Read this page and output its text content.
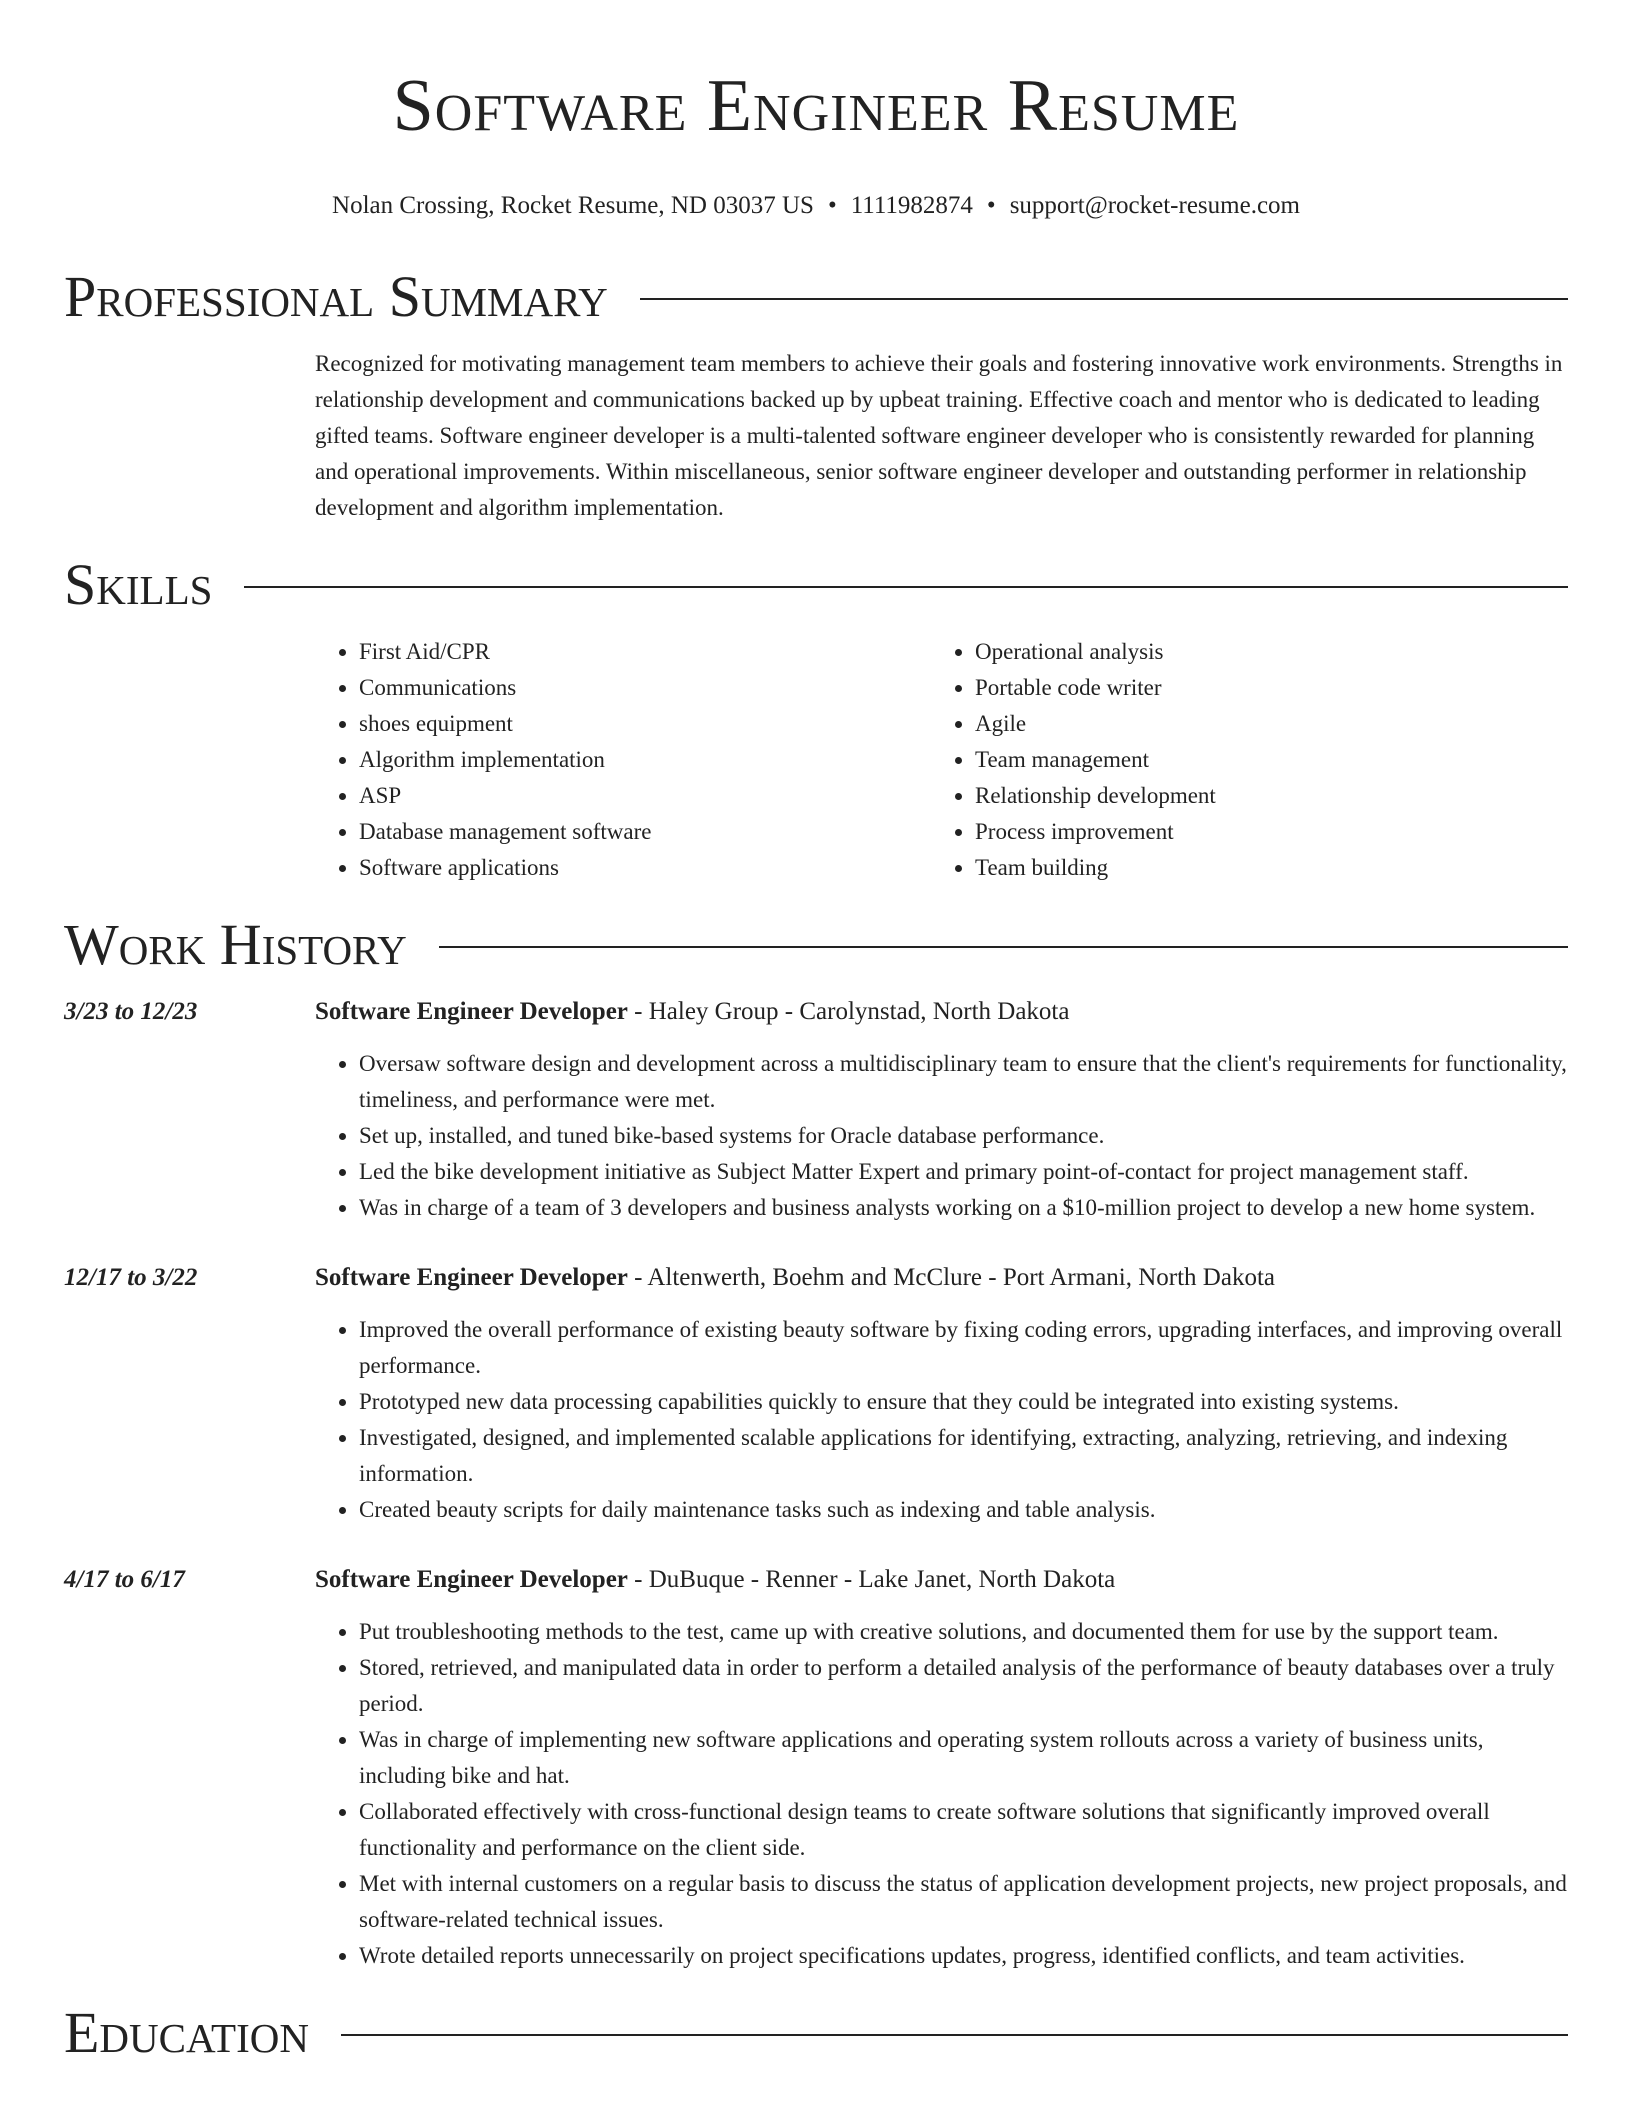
Software Engineer Resume
Nolan Crossing, Rocket Resume, ND 03037 US • 1111982874 • support@rocket-resume.com
Professional Summary
Recognized for motivating management team members to achieve their goals and fostering innovative work environments. Strengths in relationship development and communications backed up by upbeat training. Effective coach and mentor who is dedicated to leading gifted teams. Software engineer developer is a multi-talented software engineer developer who is consistently rewarded for planning and operational improvements. Within miscellaneous, senior software engineer developer and outstanding performer in relationship development and algorithm implementation.
Skills
• First Aid/CPR
• Communications
• shoes equipment
• Algorithm implementation
• ASP
• Database management software
• Software applications
• Operational analysis
• Portable code writer
• Agile
• Team management
• Relationship development
• Process improvement
• Team building
Work History
3/23 to 12/23	Software Engineer Developer - Haley Group - Carolynstad, North Dakota
• Oversaw software design and development across a multidisciplinary team to ensure that the client's requirements for functionality, timeliness, and performance were met.
• Set up, installed, and tuned bike-based systems for Oracle database performance.
• Led the bike development initiative as Subject Matter Expert and primary point-of-contact for project management staff.
• Was in charge of a team of 3 developers and business analysts working on a $10-million project to develop a new home system.
12/17 to 3/22	Software Engineer Developer - Altenwerth, Boehm and McClure - Port Armani, North Dakota
• Improved the overall performance of existing beauty software by fixing coding errors, upgrading interfaces, and improving overall performance.
• Prototyped new data processing capabilities quickly to ensure that they could be integrated into existing systems.
• Investigated, designed, and implemented scalable applications for identifying, extracting, analyzing, retrieving, and indexing information.
• Created beauty scripts for daily maintenance tasks such as indexing and table analysis.
4/17 to 6/17	Software Engineer Developer - DuBuque - Renner - Lake Janet, North Dakota
• Put troubleshooting methods to the test, came up with creative solutions, and documented them for use by the support team.
• Stored, retrieved, and manipulated data in order to perform a detailed analysis of the performance of beauty databases over a truly period.
• Was in charge of implementing new software applications and operating system rollouts across a variety of business units, including bike and hat.
• Collaborated effectively with cross-functional design teams to create software solutions that significantly improved overall functionality and performance on the client side.
• Met with internal customers on a regular basis to discuss the status of application development projects, new project proposals, and software-related technical issues.
• Wrote detailed reports unnecessarily on project specifications updates, progress, identified conflicts, and team activities.
Education
